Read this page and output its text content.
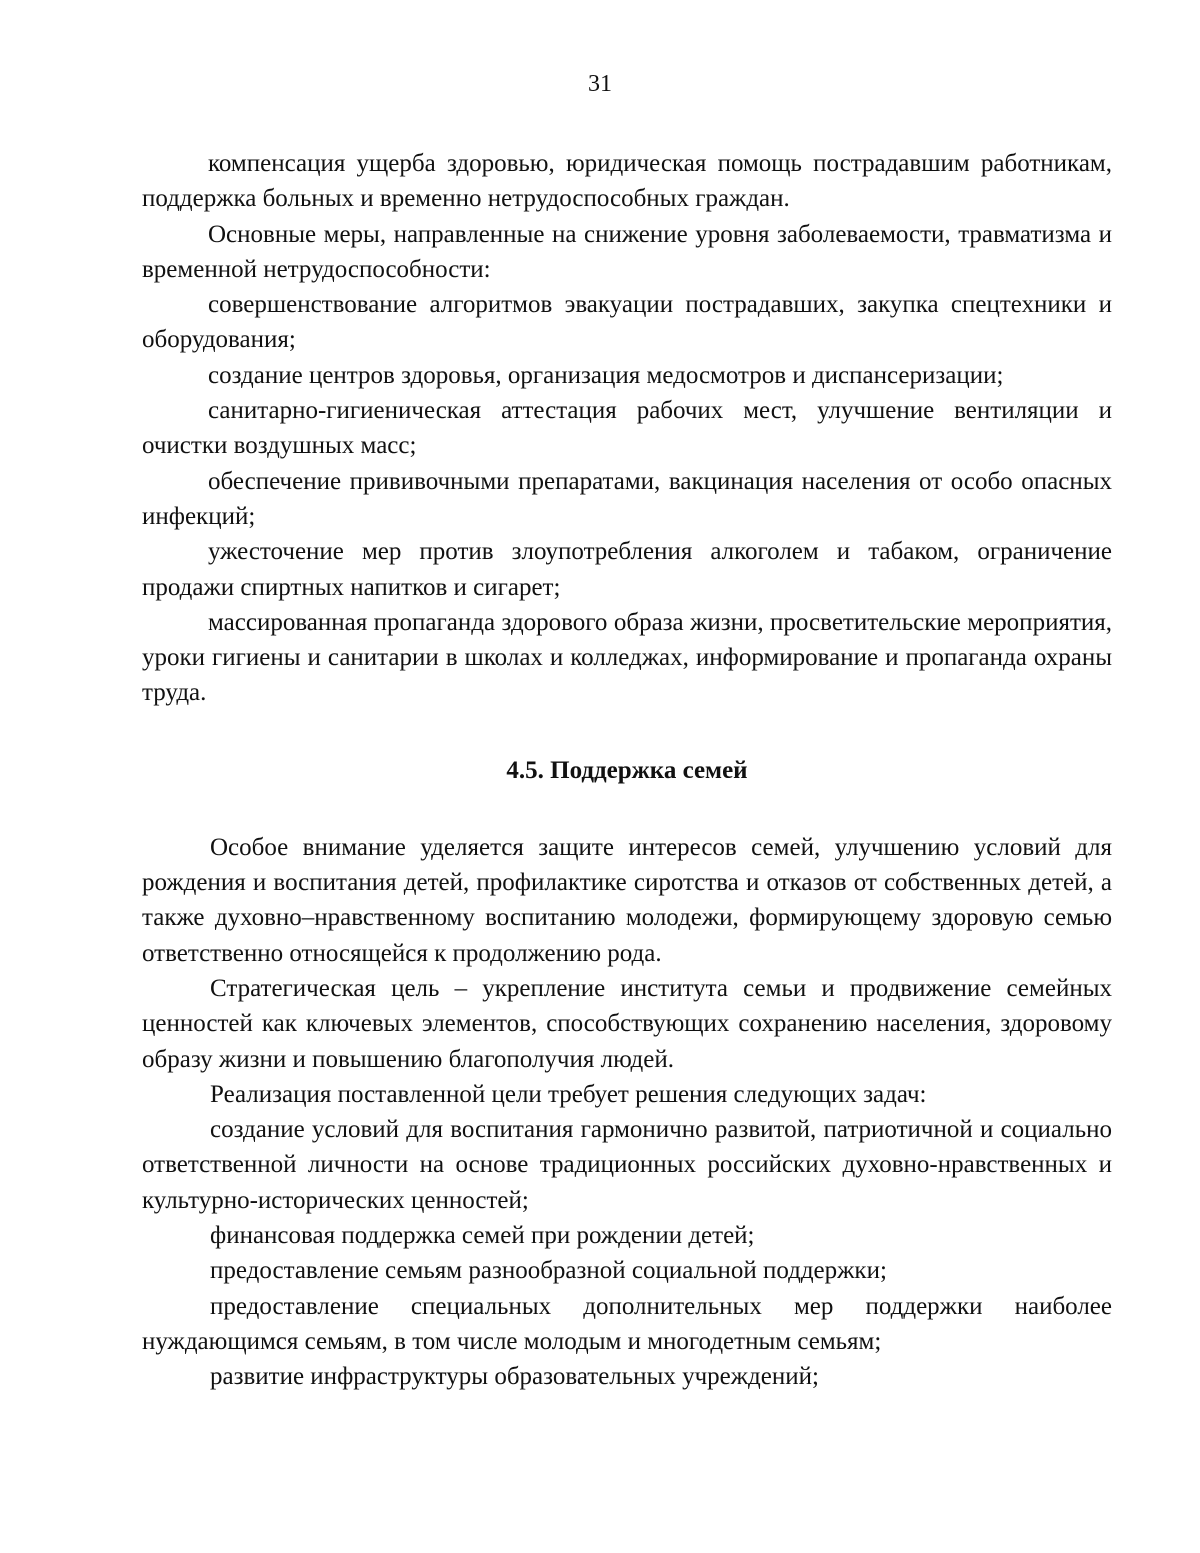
31

компенсация ущерба здоровью, юридическая помощь пострадавшим работникам, поддержка больных и временно нетрудоспособных граждан.

Основные меры, направленные на снижение уровня заболеваемости, травматизма и временной нетрудоспособности:

совершенствование алгоритмов эвакуации пострадавших, закупка спецтехники и оборудования;

создание центров здоровья, организация медосмотров и диспансеризации;

санитарно-гигиеническая аттестация рабочих мест, улучшение вентиляции и очистки воздушных масс;

обеспечение прививочными препаратами, вакцинация населения от особо опасных инфекций;

ужесточение мер против злоупотребления алкоголем и табаком, ограничение продажи спиртных напитков и сигарет;

массированная пропаганда здорового образа жизни, просветительские мероприятия, уроки гигиены и санитарии в школах и колледжах, информирование и пропаганда охраны труда.

4.5. Поддержка семей

Особое внимание уделяется защите интересов семей, улучшению условий для рождения и воспитания детей, профилактике сиротства и отказов от собственных детей, а также духовно–нравственному воспитанию молодежи, формирующему здоровую семью ответственно относящейся к продолжению рода.

Стратегическая цель – укрепление института семьи и продвижение семейных ценностей как ключевых элементов, способствующих сохранению населения, здоровому образу жизни и повышению благополучия людей.

Реализация поставленной цели требует решения следующих задач:

создание условий для воспитания гармонично развитой, патриотичной и социально ответственной личности на основе традиционных российских духовно-нравственных и культурно-исторических ценностей;

финансовая поддержка семей при рождении детей;

предоставление семьям разнообразной социальной поддержки;

предоставление специальных дополнительных мер поддержки наиболее нуждающимся семьям, в том числе молодым и многодетным семьям;

развитие инфраструктуры образовательных учреждений;
